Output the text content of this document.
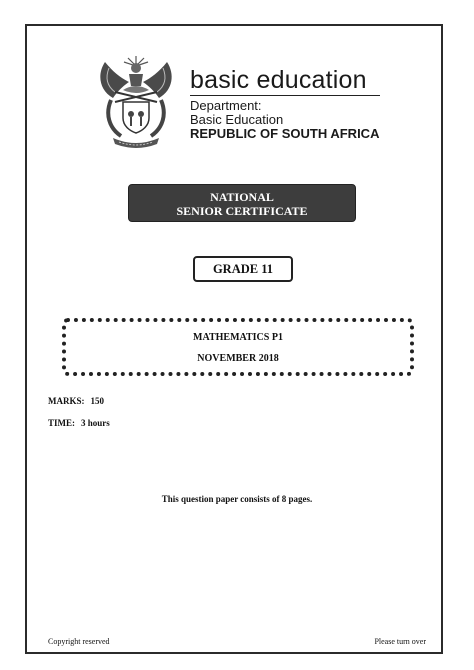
basic education
Department:
Basic Education
REPUBLIC OF SOUTH AFRICA
NATIONAL
SENIOR CERTIFICATE
GRADE 11
MATHEMATICS P1
NOVEMBER 2018
MARKS: 150
TIME: 3 hours
This question paper consists of 8 pages.
Copyright reserved	Please turn over
